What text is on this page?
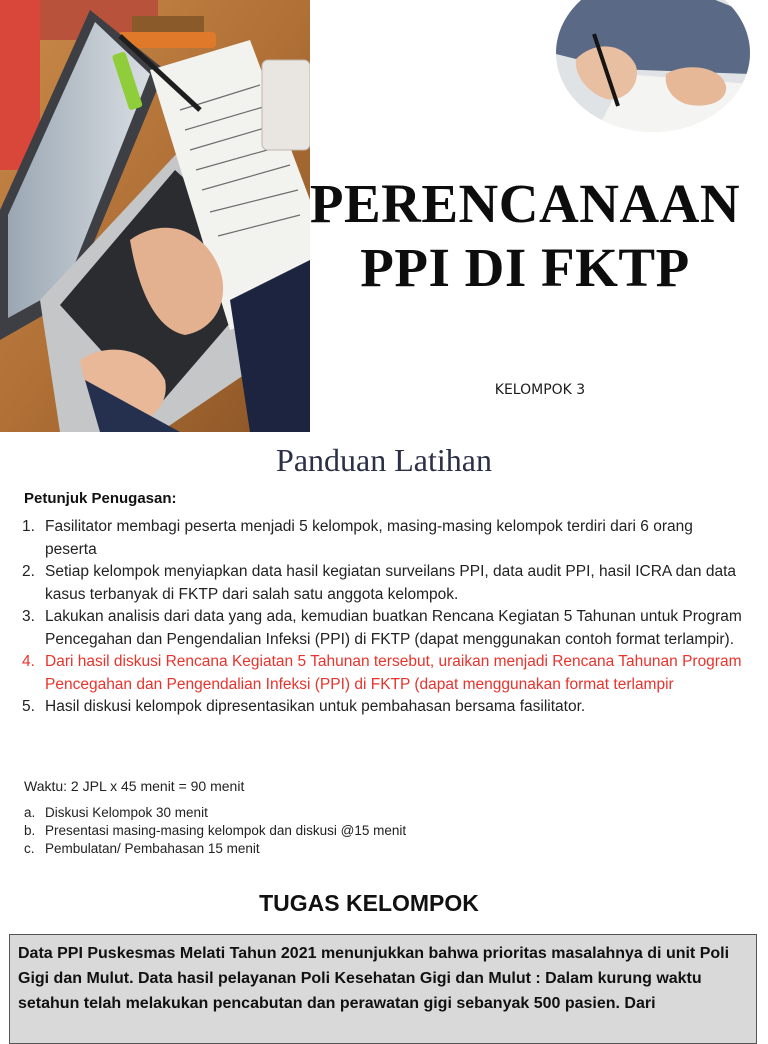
PERENCANAAN
PPI DI FKTP
KELOMPOK 3
Panduan Latihan
Petunjuk Penugasan:
1. Fasilitator membagi peserta menjadi 5 kelompok, masing-masing kelompok terdiri dari 6 orang peserta
2. Setiap kelompok menyiapkan data hasil kegiatan surveilans PPI, data audit PPI, hasil ICRA dan data kasus terbanyak di FKTP dari salah satu anggota kelompok.
3. Lakukan analisis dari data yang ada, kemudian buatkan Rencana Kegiatan 5 Tahunan untuk Program Pencegahan dan Pengendalian Infeksi (PPI) di FKTP (dapat menggunakan contoh format terlampir).
4. Dari hasil diskusi Rencana Kegiatan 5 Tahunan tersebut, uraikan menjadi Rencana Tahunan Program Pencegahan dan Pengendalian Infeksi (PPI) di FKTP (dapat menggunakan format terlampir
5. Hasil diskusi kelompok dipresentasikan untuk pembahasan bersama fasilitator.
Waktu: 2 JPL x 45 menit = 90 menit
a. Diskusi Kelompok 30 menit
b. Presentasi masing-masing kelompok dan diskusi @15 menit
c. Pembulatan/ Pembahasan 15 menit
TUGAS KELOMPOK
Data PPI Puskesmas Melati Tahun 2021 menunjukkan bahwa prioritas masalahnya di unit Poli Gigi dan Mulut. Data hasil pelayanan Poli Kesehatan Gigi dan Mulut : Dalam kurung waktu setahun telah melakukan pencabutan dan perawatan gigi sebanyak 500 pasien. Dari
